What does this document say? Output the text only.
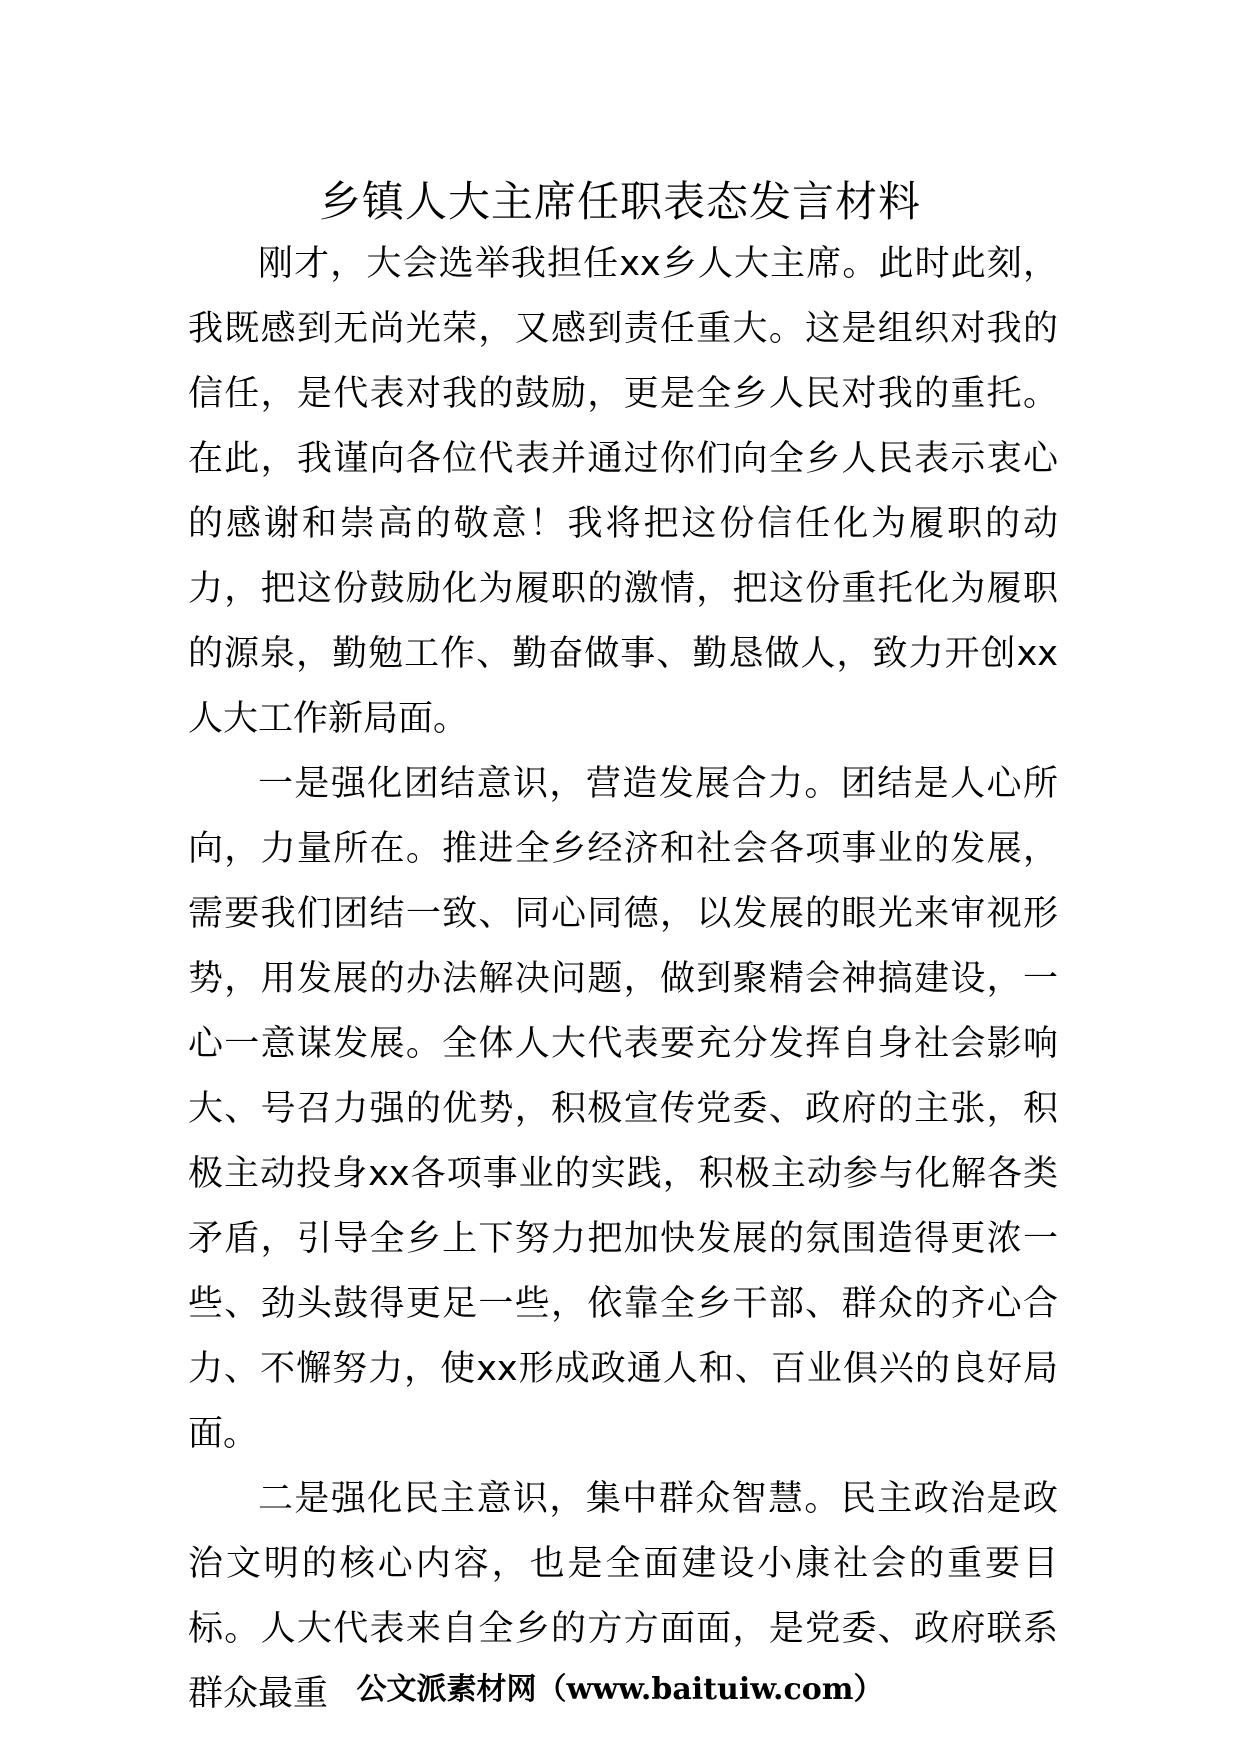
乡镇人大主席任职表态发言材料

刚才，大会选举我担任xx乡人大主席。此时此刻，我既感到无尚光荣，又感到责任重大。这是组织对我的信任，是代表对我的鼓励，更是全乡人民对我的重托。在此，我谨向各位代表并通过你们向全乡人民表示衷心的感谢和崇高的敬意！我将把这份信任化为履职的动力，把这份鼓励化为履职的激情，把这份重托化为履职的源泉，勤勉工作、勤奋做事、勤恳做人，致力开创xx人大工作新局面。

一是强化团结意识，营造发展合力。团结是人心所向，力量所在。推进全乡经济和社会各项事业的发展，需要我们团结一致、同心同德，以发展的眼光来审视形势，用发展的办法解决问题，做到聚精会神搞建设，一心一意谋发展。全体人大代表要充分发挥自身社会影响大、号召力强的优势，积极宣传党委、政府的主张，积极主动投身xx各项事业的实践，积极主动参与化解各类矛盾，引导全乡上下努力把加快发展的氛围造得更浓一些、劲头鼓得更足一些，依靠全乡干部、群众的齐心合力、不懈努力，使xx形成政通人和、百业俱兴的良好局面。

二是强化民主意识，集中群众智慧。民主政治是政治文明的核心内容，也是全面建设小康社会的重要目标。人大代表来自全乡的方方面面，是党委、政府联系群众最重 公文派素材网（www.baituiw.com）
